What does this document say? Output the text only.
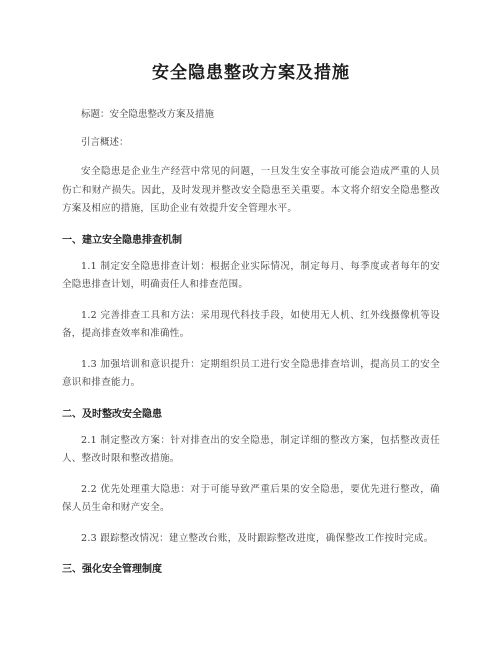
安全隐患整改方案及措施

标题：安全隐患整改方案及措施

引言概述：

安全隐患是企业生产经营中常见的问题，一旦发生安全事故可能会造成严重的人员伤亡和财产损失。因此，及时发现并整改安全隐患至关重要。本文将介绍安全隐患整改方案及相应的措施，匡助企业有效提升安全管理水平。

一、建立安全隐患排查机制

1.1 制定安全隐患排查计划：根据企业实际情况，制定每月、每季度或者每年的安全隐患排查计划，明确责任人和排查范围。

1.2 完善排查工具和方法：采用现代科技手段，如使用无人机、红外线摄像机等设备，提高排查效率和准确性。

1.3 加强培训和意识提升：定期组织员工进行安全隐患排查培训，提高员工的安全意识和排查能力。

二、及时整改安全隐患

2.1 制定整改方案：针对排查出的安全隐患，制定详细的整改方案，包括整改责任人、整改时限和整改措施。

2.2 优先处理重大隐患：对于可能导致严重后果的安全隐患，要优先进行整改，确保人员生命和财产安全。

2.3 跟踪整改情况：建立整改台账，及时跟踪整改进度，确保整改工作按时完成。

三、强化安全管理制度
